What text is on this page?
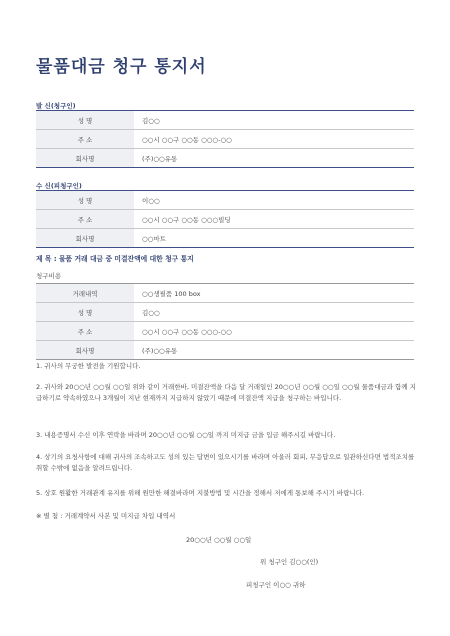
물품대금 청구 통지서
발 신(청구인)
성 명	김○○
주 소	○○시 ○○구 ○○동 ○○○-○○
회사명	(주)○○유통
수 신(피청구인)
성 명	이○○
주 소	○○시 ○○구 ○○동 ○○○빌딩
회사명	○○마트
제 목 : 물품 거래 대금 중 미결잔액에 대한 청구 통지
청구비용
거래내역	○○생필품 100 box
성 명	김○○
주 소	○○시 ○○구 ○○동 ○○○-○○
회사명	(주)○○유통
1. 귀사의 무궁한 발전을 기원합니다.
2. 귀사와 20○○년 ○○월 ○○일 위와 같이 거래한바, 미결잔액을 다음 달 거래일인 20○○년 ○○월 ○○일 ○○월 물품대금과 함께 지급하기로 약속하였으나 3개월이 지난 현재까지 지급하지 않았기 때문에 미결잔액 지급을 청구하는 바입니다.
3. 내용증명서 수신 이후 연락을 바라며 20○○년 ○○월 ○○일 까지 미지급 금을 입금 해주시길 바랍니다.
4. 상기의 요청사항에 대해 귀사의 조속하고도 성의 있는 답변이 있으시기를 바라며 아울러 회피, 무응답으로 일관하신다면 법적조치를 취할 수밖에 없음을 알려드립니다.
5. 상호 원활한 거래관계 유지를 위해 원만한 해결바라며 지불방법 및 시간을 정해서 저에게 통보해 주시기 바랍니다.
※ 별 첨 : 거래계약서 사본 및 미지급 차입 내역서
20○○년 ○○월 ○○일
위 청구인 김○○(인)
피청구인 이○○ 귀하
